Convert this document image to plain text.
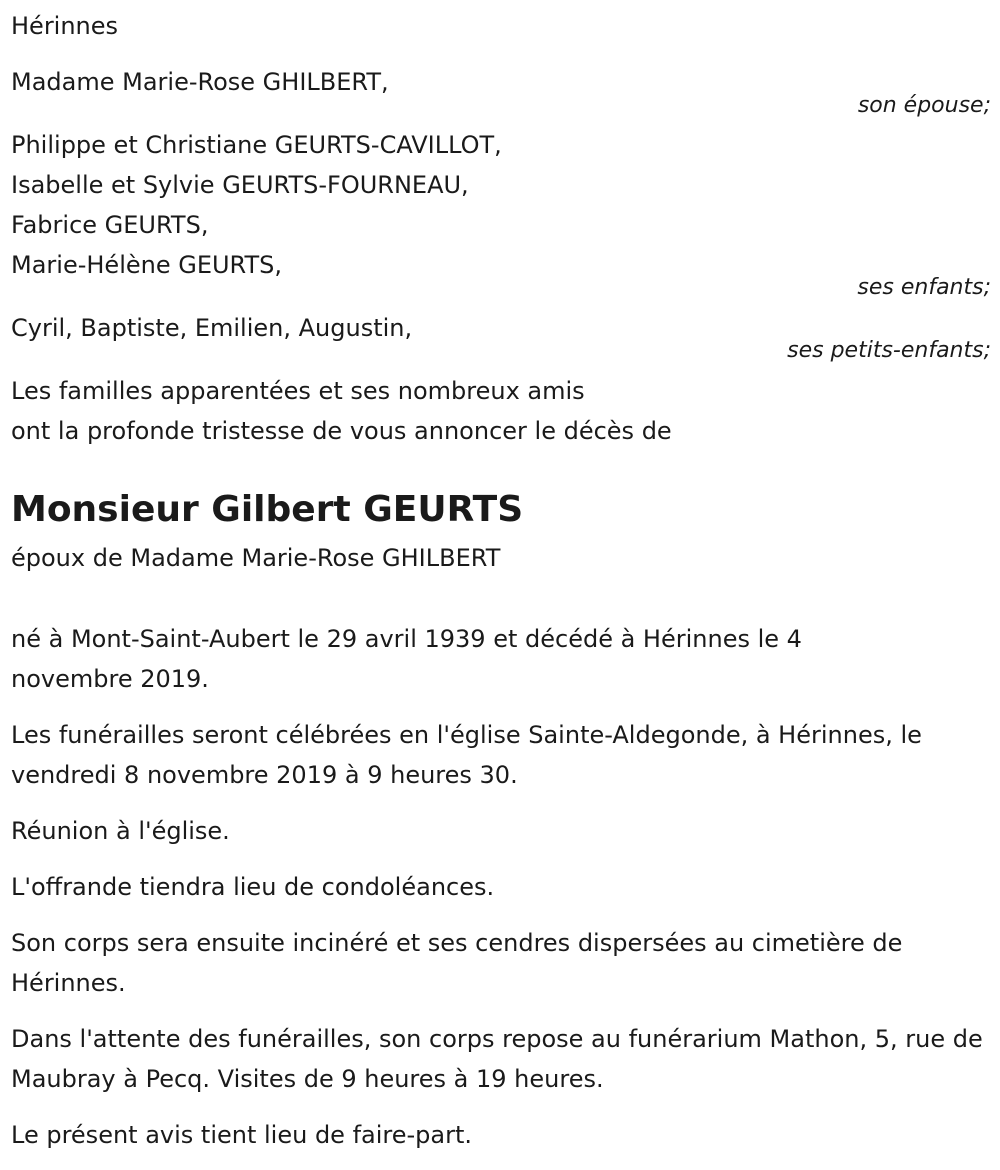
Hérinnes
Madame Marie-Rose GHILBERT,
son épouse;
Philippe et Christiane GEURTS-CAVILLOT,
Isabelle et Sylvie GEURTS-FOURNEAU,
Fabrice GEURTS,
Marie-Hélène GEURTS,
ses enfants;
Cyril, Baptiste, Emilien, Augustin,
ses petits-enfants;
Les familles apparentées et ses nombreux amis
ont la profonde tristesse de vous annoncer le décès de
Monsieur Gilbert GEURTS
époux de Madame Marie-Rose GHILBERT
né à Mont-Saint-Aubert le 29 avril 1939 et décédé à Hérinnes le 4 novembre 2019.
Les funérailles seront célébrées en l'église Sainte-Aldegonde, à Hérinnes, le vendredi 8 novembre 2019 à 9 heures 30.
Réunion à l'église.
L'offrande tiendra lieu de condoléances.
Son corps sera ensuite incinéré et ses cendres dispersées au cimetière de Hérinnes.
Dans l'attente des funérailles, son corps repose au funérarium Mathon, 5, rue de Maubray à Pecq. Visites de 9 heures à 19 heures.
Le présent avis tient lieu de faire-part.
